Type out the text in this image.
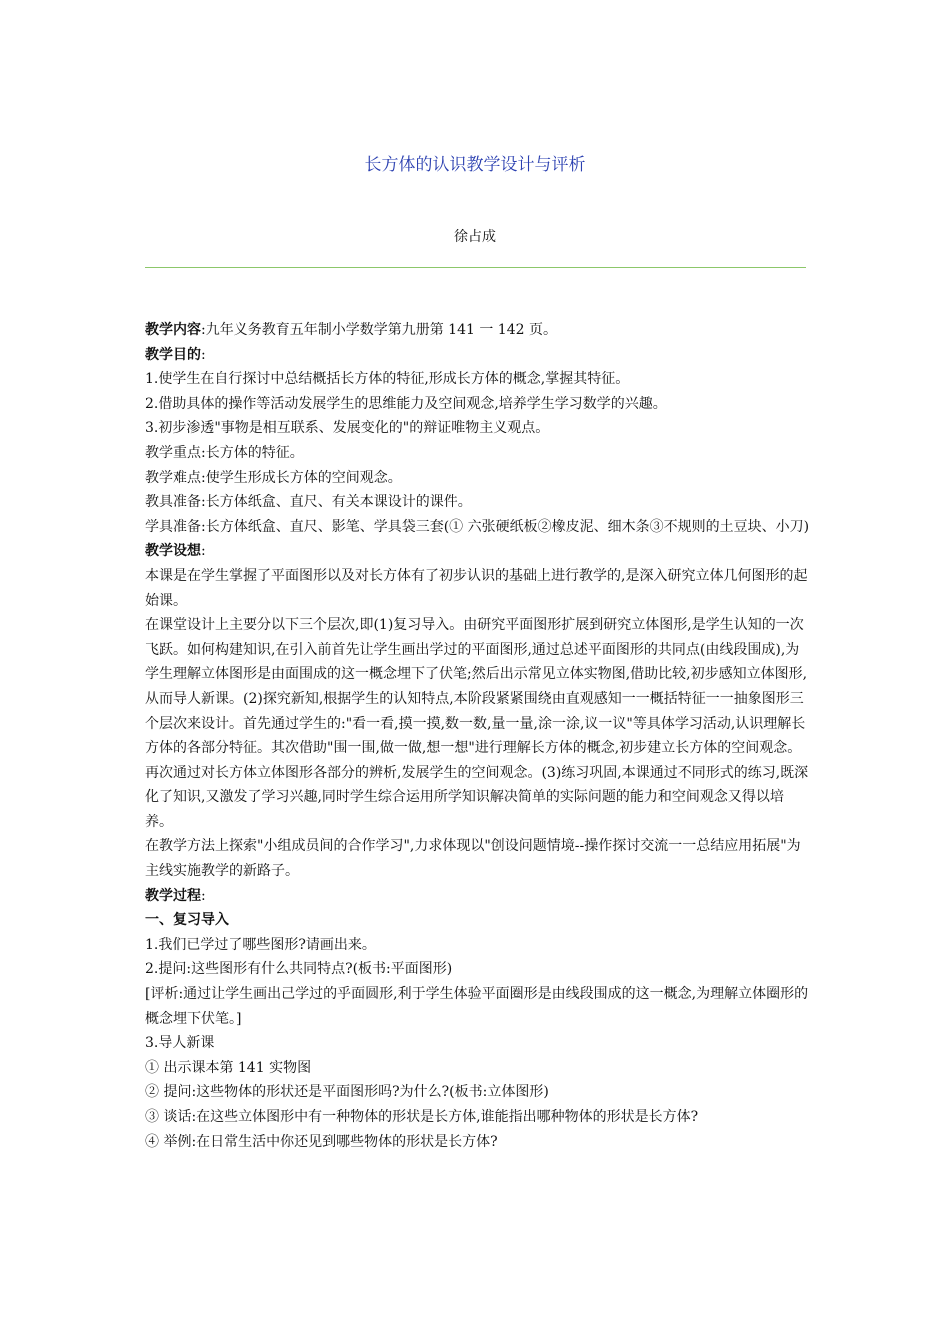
长方体的认识教学设计与评析

徐占成

教学内容:九年义务教育五年制小学数学第九册第 141 一 142 页。

教学目的:

1.使学生在自行探讨中总结概括长方体的特征,形成长方体的概念,掌握其特征。

2.借助具体的操作等活动发展学生的思维能力及空间观念,培养学生学习数学的兴趣。

3.初步渗透"事物是相互联系、发展变化的"的辩证唯物主义观点。

教学重点:长方体的特征。

教学难点:使学生形成长方体的空间观念。

教具准备:长方体纸盒、直尺、有关本课设计的课件。

学具准备:长方体纸盒、直尺、影笔、学具袋三套(① 六张硬纸板②橡皮泥、细木条③不规则的土豆块、小刀)

教学设想:

本课是在学生掌握了平面图形以及对长方体有了初步认识的基础上进行教学的,是深入研究立体几何图形的起始课。

在课堂设计上主要分以下三个层次,即(1)复习导入。由研究平面图形扩展到研究立体图形,是学生认知的一次飞跃。如何构建知识,在引入前首先让学生画出学过的平面图形,通过总述平面图形的共同点(由线段围成),为学生理解立体图形是由面围成的这一概念埋下了伏笔;然后出示常见立体实物图,借助比较,初步感知立体图形,从而导人新课。(2)探究新知,根据学生的认知特点,本阶段紧紧围绕由直观感知一一概括特征一一抽象图形三个层次来设计。首先通过学生的:"看一看,摸一摸,数一数,量一量,涂一涂,议一议"等具体学习活动,认识理解长方体的各部分特征。其次借助"围一围,做一做,想一想"进行理解长方体的概念,初步建立长方体的空间观念。再次通过对长方体立体图形各部分的辨析,发展学生的空间观念。(3)练习巩固,本课通过不同形式的练习,既深化了知识,又激发了学习兴趣,同时学生综合运用所学知识解决简单的实际问题的能力和空间观念又得以培养。

在教学方法上探索"小组成员间的合作学习",力求体现以"创设问题情境--操作探讨交流一一总结应用拓展"为主线实施教学的新路子。

教学过程:

一、复习导入

1.我们已学过了哪些图形?请画出来。

2.提问:这些图形有什么共同特点?(板书:平面图形)

[评析:通过让学生画出己学过的乎面圆形,利于学生体验平面圈形是由线段围成的这一概念,为理解立体圈形的概念埋下伏笔。]

3.导人新课

① 出示课本第 141 实物图

② 提问:这些物体的形状还是平面图形吗?为什么?(板书:立体图形)

③ 谈话:在这些立体图形中有一种物体的形状是长方体,谁能指出哪种物体的形状是长方体?

④ 举例:在日常生活中你还见到哪些物体的形状是长方体?
